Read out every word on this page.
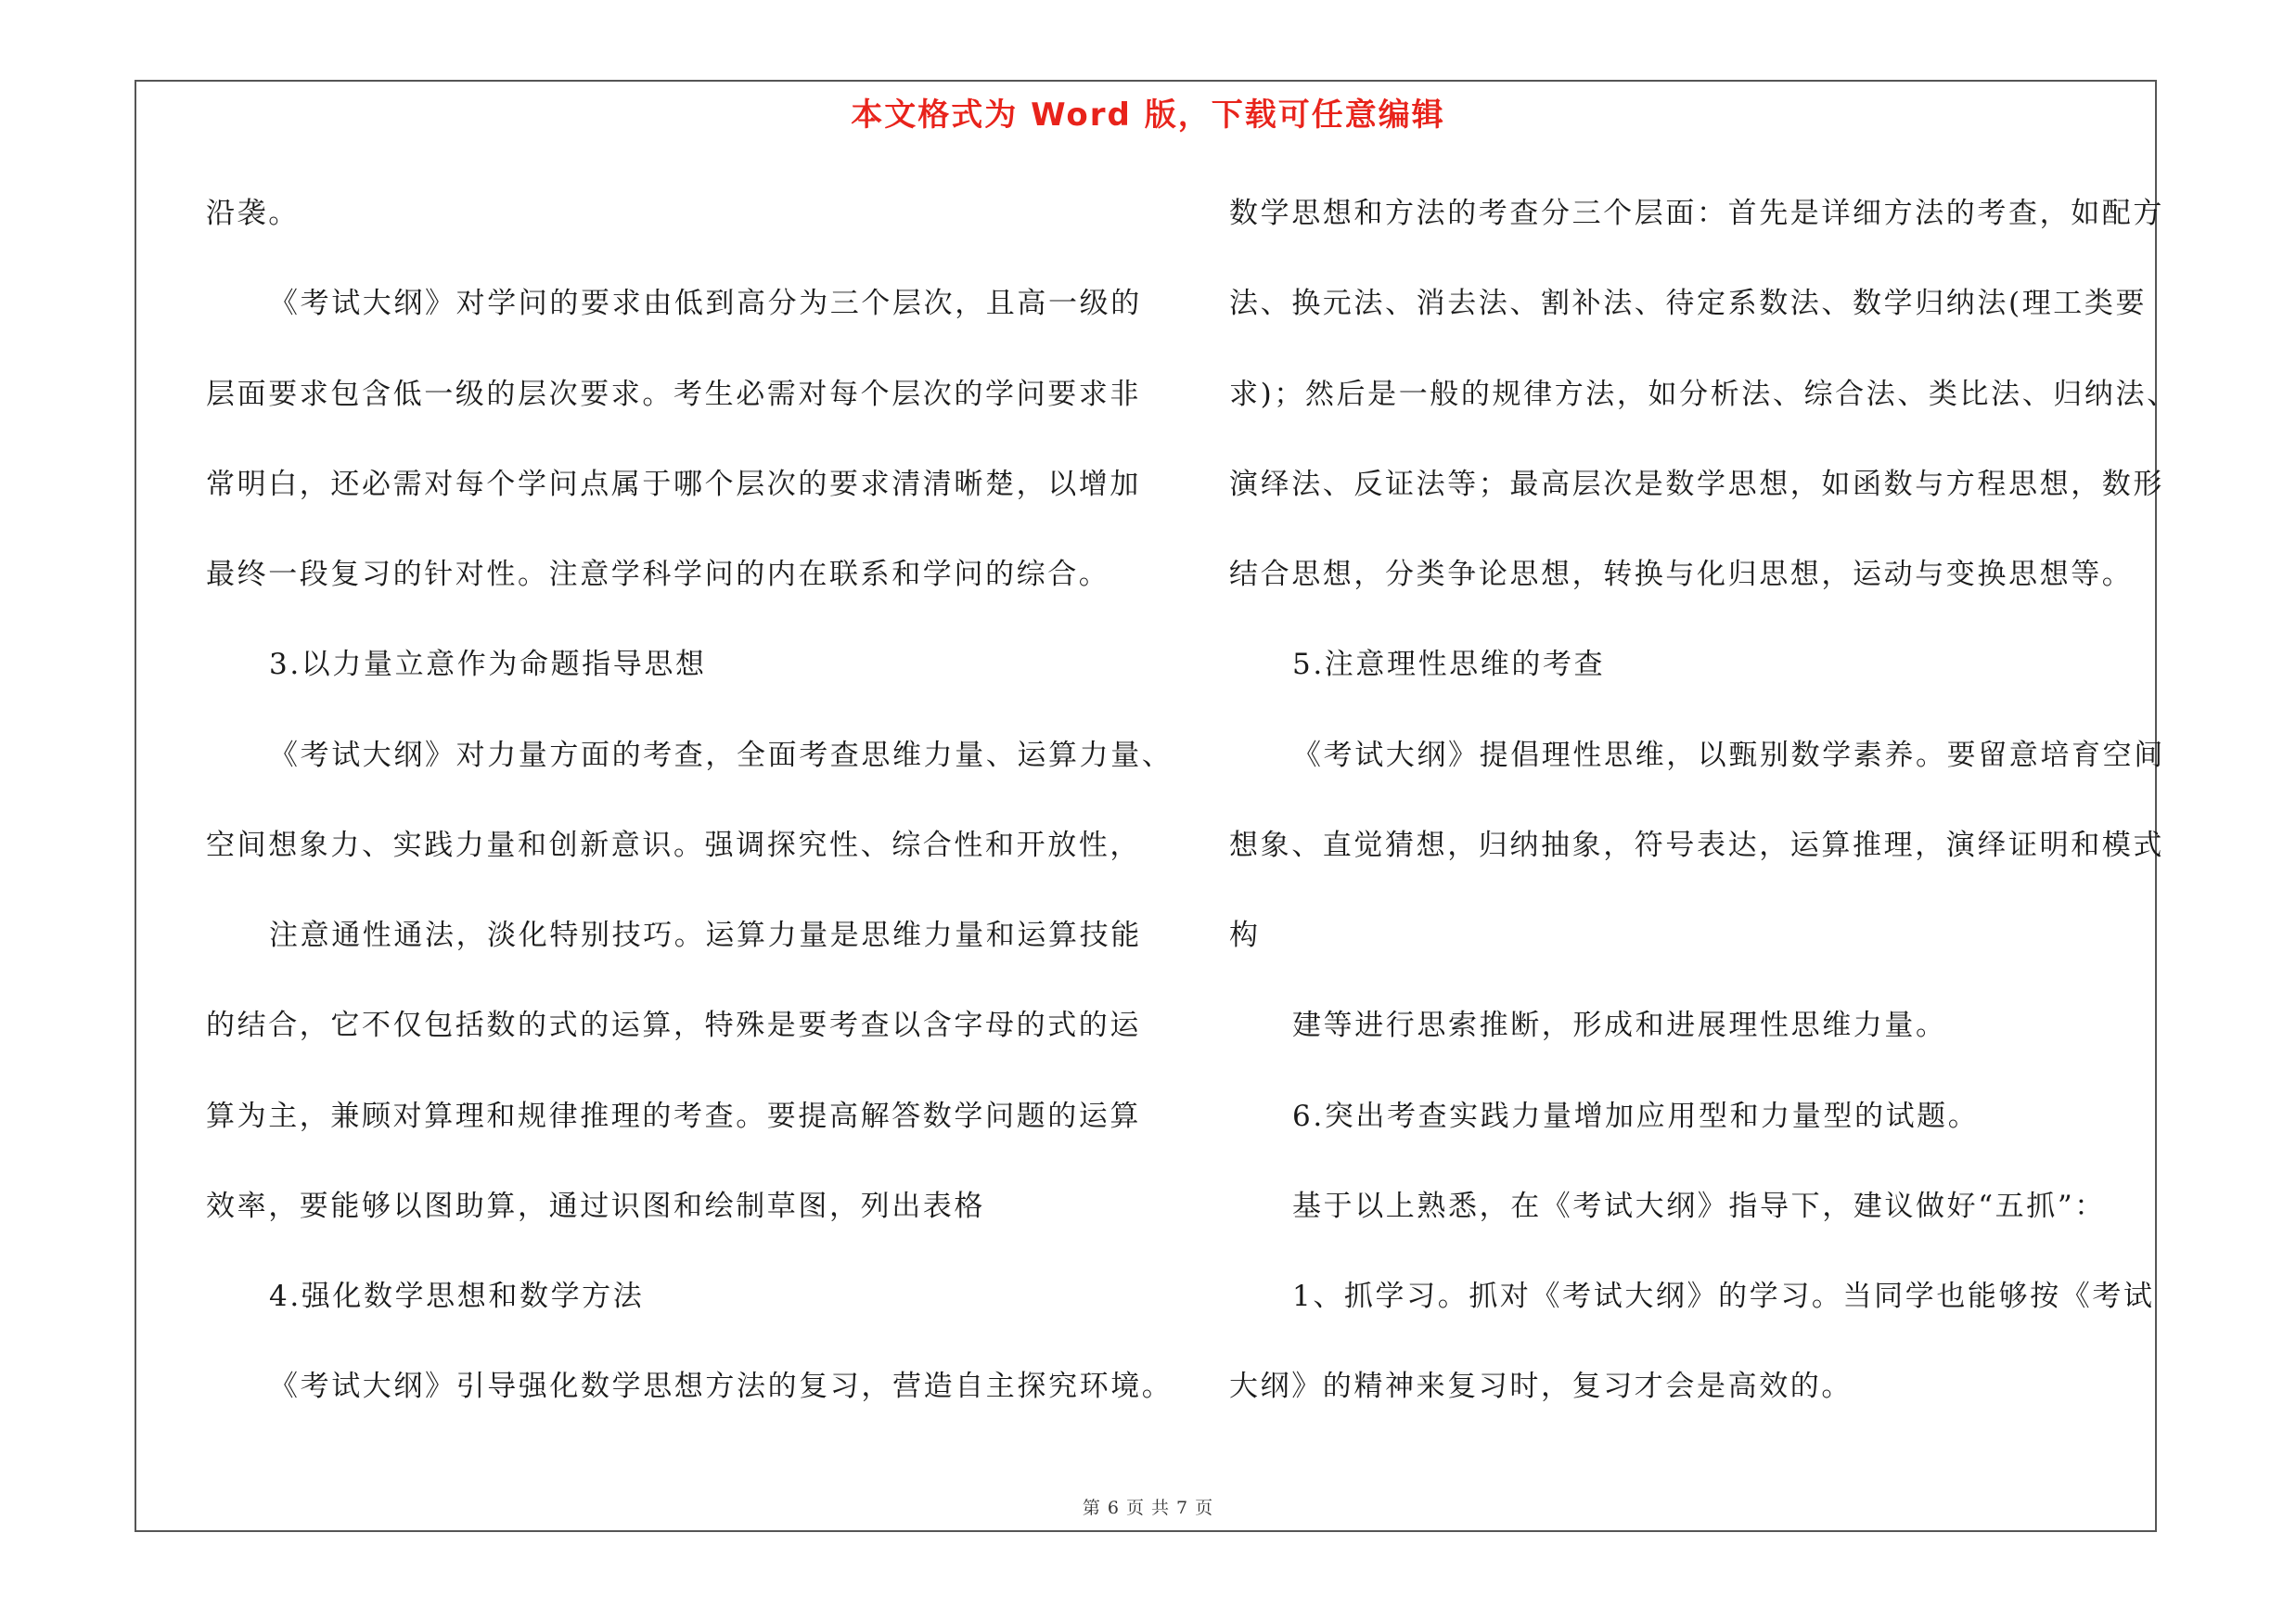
本文格式为 Word 版，下载可任意编辑
沿袭。
《考试大纲》对学问的要求由低到高分为三个层次，且高一级的
层面要求包含低一级的层次要求。考生必需对每个层次的学问要求非
常明白，还必需对每个学问点属于哪个层次的要求清清晰楚，以增加
最终一段复习的针对性。注意学科学问的内在联系和学问的综合。
3.以力量立意作为命题指导思想
《考试大纲》对力量方面的考查，全面考查思维力量、运算力量、
空间想象力、实践力量和创新意识。强调探究性、综合性和开放性，
注意通性通法，淡化特别技巧。运算力量是思维力量和运算技能
的结合，它不仅包括数的式的运算，特殊是要考查以含字母的式的运
算为主，兼顾对算理和规律推理的考查。要提高解答数学问题的运算
效率，要能够以图助算，通过识图和绘制草图，列出表格
4.强化数学思想和数学方法
《考试大纲》引导强化数学思想方法的复习，营造自主探究环境。
数学思想和方法的考查分三个层面：首先是详细方法的考查，如配方
法、换元法、消去法、割补法、待定系数法、数学归纳法(理工类要
求)；然后是一般的规律方法，如分析法、综合法、类比法、归纳法、
演绎法、反证法等；最高层次是数学思想，如函数与方程思想，数形
结合思想，分类争论思想，转换与化归思想，运动与变换思想等。
5.注意理性思维的考查
《考试大纲》提倡理性思维，以甄别数学素养。要留意培育空间
想象、直觉猜想，归纳抽象，符号表达，运算推理，演绎证明和模式
构
建等进行思索推断，形成和进展理性思维力量。
6.突出考查实践力量增加应用型和力量型的试题。
基于以上熟悉，在《考试大纲》指导下，建议做好“五抓”：
1、抓学习。抓对《考试大纲》的学习。当同学也能够按《考试
大纲》的精神来复习时，复习才会是高效的。
第 6 页 共 7 页
